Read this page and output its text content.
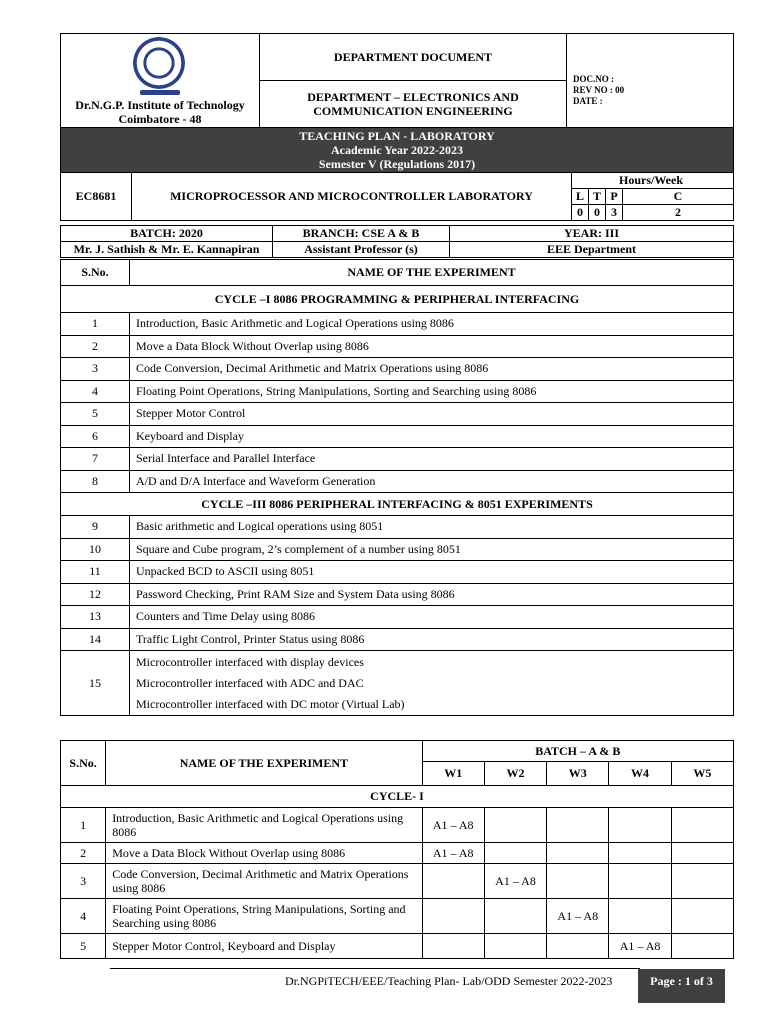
Dr.N.G.P. Institute of Technology
Coimbatore - 48
	DEPARTMENT DOCUMENT	
DOC.NO :
REV NO : 00
DATE :

DEPARTMENT – ELECTRONICS AND COMMUNICATION ENGINEERING

TEACHING PLAN - LABORATORY
Academic Year 2022-2023
Semester V (Regulations 2017)
EC8681	MICROPROCESSOR AND MICROCONTROLLER LABORATORY	Hours/Week			
		L	T	P	C
		0	0	3	2
BATCH: 2020	BRANCH: CSE A & B	YEAR: III
Mr. J. Sathish & Mr. E. Kannapiran	Assistant Professor (s)	EEE Department
S.No.	NAME OF THE EXPERIMENT
CYCLE –I 8086 PROGRAMMING & PERIPHERAL INTERFACING	
1	Introduction, Basic Arithmetic and Logical Operations using 8086
2	Move a Data Block Without Overlap using 8086
3	Code Conversion, Decimal Arithmetic and Matrix Operations using 8086
4	Floating Point Operations, String Manipulations, Sorting and Searching using 8086
5	Stepper Motor Control
6	Keyboard and Display
7	Serial Interface and Parallel Interface
8	A/D and D/A Interface and Waveform Generation
CYCLE –III 8086 PERIPHERAL INTERFACING & 8051 EXPERIMENTS	
9	Basic arithmetic and Logical operations using 8051
10	Square and Cube program, 2’s complement of a number using 8051
11	Unpacked BCD to ASCII using 8051
12	Password Checking, Print RAM Size and System Data using 8086
13	Counters and Time Delay using 8086
14	Traffic Light Control, Printer Status using 8086
15	Microcontroller interfaced with display devices
Microcontroller interfaced with ADC and DAC
Microcontroller interfaced with DC motor (Virtual Lab)
S.No.	NAME OF THE EXPERIMENT	BATCH – A & B				
		W1	W2	W3	W4	W5
CYCLE- I						
1	Introduction, Basic Arithmetic and Logical Operations using 8086	A1 – A8				
2	Move a Data Block Without Overlap using 8086	A1 – A8				
3	Code Conversion, Decimal Arithmetic and Matrix Operations using 8086		A1 – A8			
4	Floating Point Operations, String Manipulations, Sorting and Searching using 8086			A1 – A8		
5	Stepper Motor Control, Keyboard and Display				A1 – A8	
Dr.NGPiTECH/EEE/Teaching Plan- Lab/ODD Semester 2022-2023	Page : 1 of 3
